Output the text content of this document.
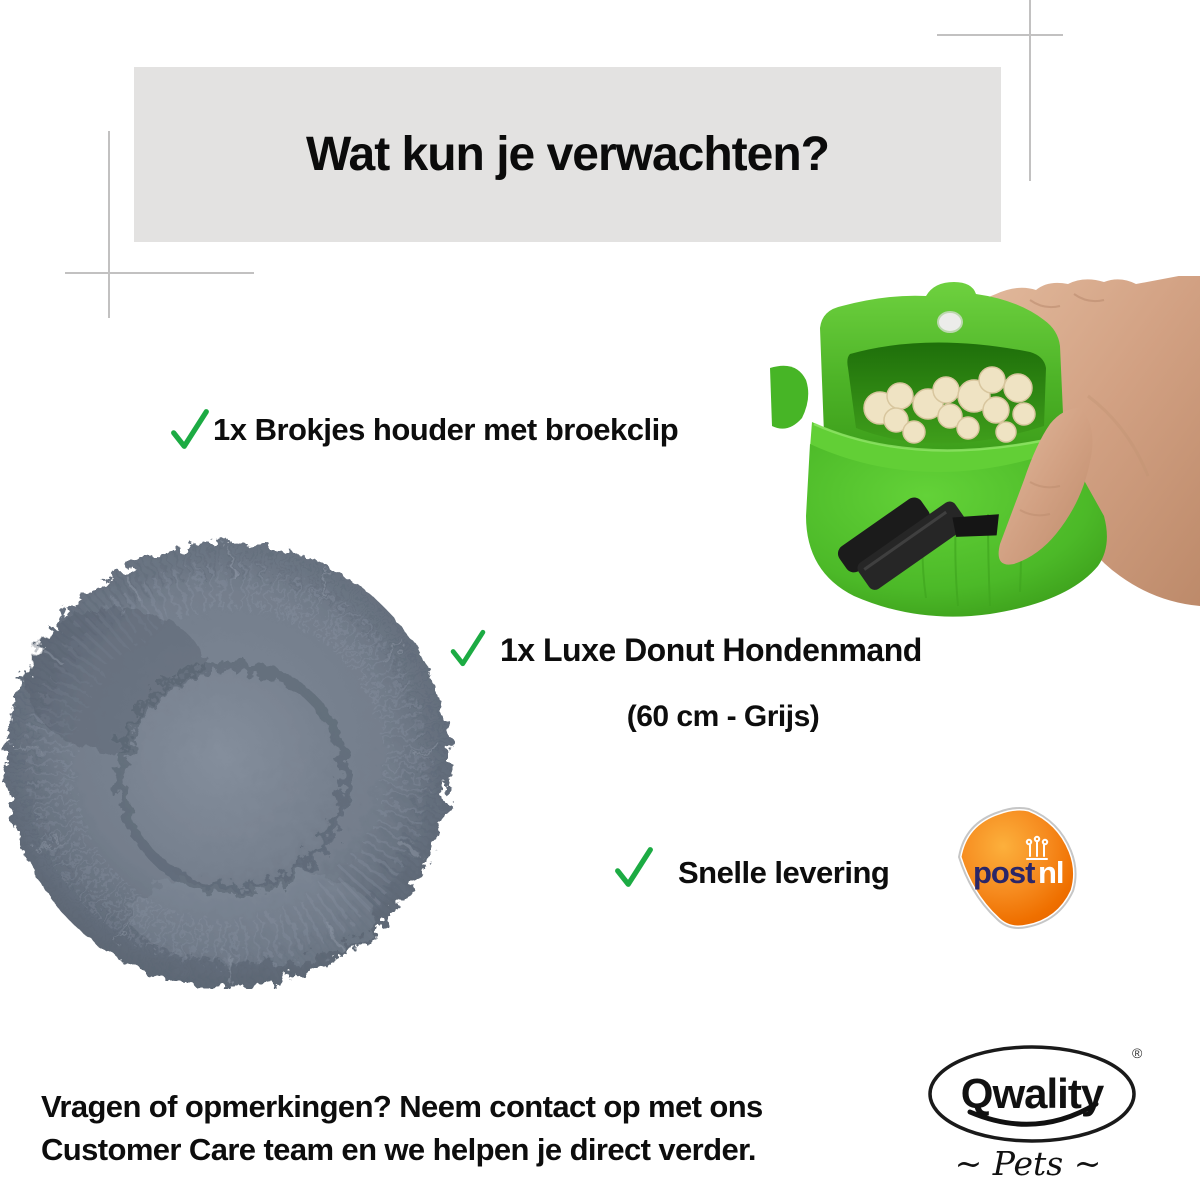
Wat kun je verwachten?
1x Brokjes houder met broekclip
1x Luxe Donut Hondenmand
(60 cm - Grijs)
Snelle levering	post nl
Vragen of opmerkingen? Neem contact op met ons
Customer Care team en we helpen je direct verder.
Qwality
®
~ Pets ~
